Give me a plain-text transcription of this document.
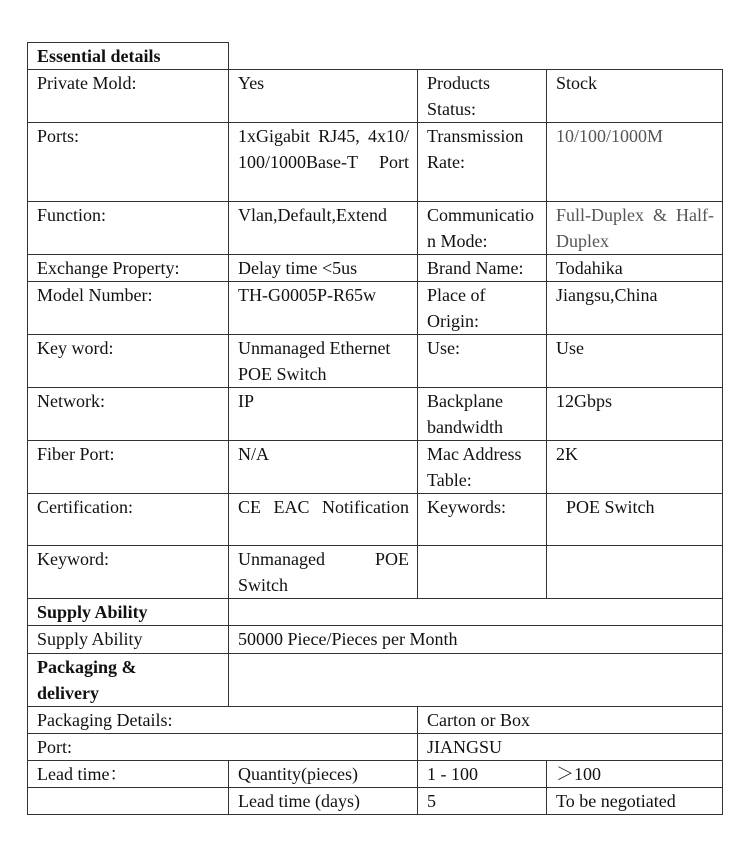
Essential details			
Private Mold:	Yes	Products Status:	Stock
Ports:	1xGigabit RJ45, 4x10/100/1000Base-T Port	Transmission Rate:	10/100/1000M
Function:	Vlan,Default,Extend	Communication Mode:	Full-Duplex & Half-Duplex
Exchange Property:	Delay time <5us	Brand Name:	Todahika
Model Number:	TH-G0005P-R65w	Place of Origin:	Jiangsu,China
Key word:	Unmanaged Ethernet POE Switch	Use:	Use
Network:	IP	Backplane bandwidth	12Gbps
Fiber Port:	N/A	Mac Address Table:	2K
Certification:	CE EAC Notification	Keywords:	POE Switch
Keyword:	Unmanaged POE Switch		
Supply Ability			
Supply Ability	50000 Piece/Pieces per Month		
Packaging & delivery			
Packaging Details:		Carton or Box	
Port:		JIANGSU	
Lead time：	Quantity(pieces)	1 - 100	＞100
	Lead time (days)	5	To be negotiated
